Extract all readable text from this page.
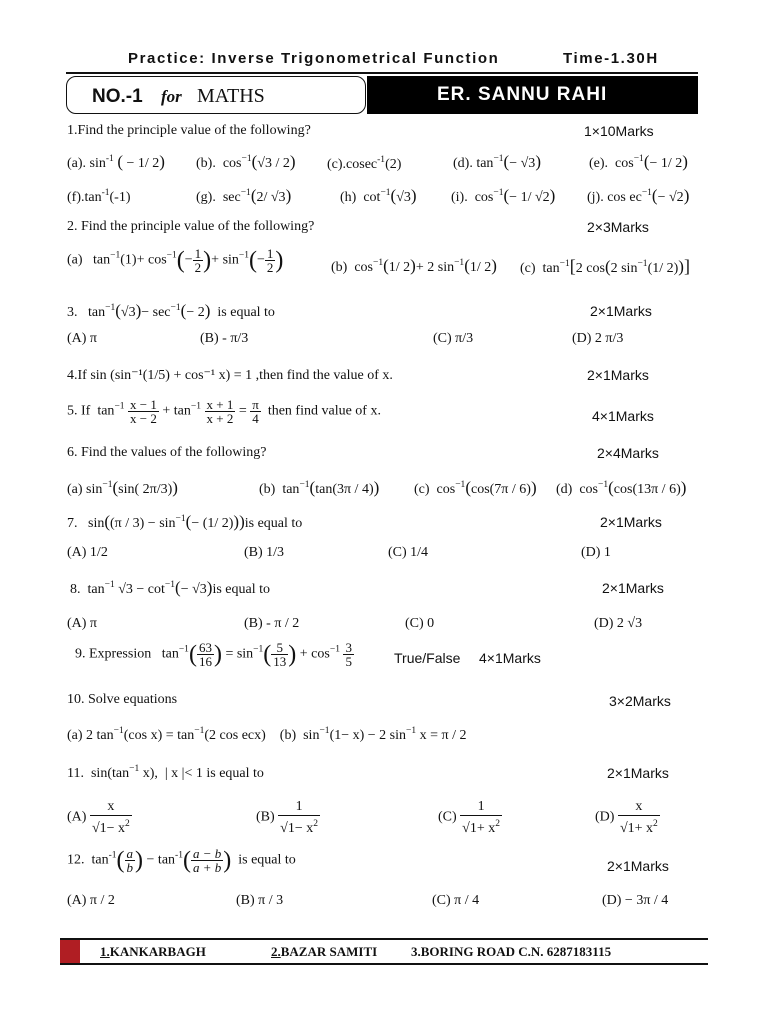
Practice: Inverse Trigonometrical Function	Time-1.30H
NO.-1 for MATHS	ER. SANNU RAHI
1.Find the principle value of the following?	1×10Marks
(a). $\sin^{-1}$ ( − 1/ 2) (b).  $\cos^{-1}(√3 / 2)$ (c).cosec$^{-1}$(2)	(d). $\tan^{-1}(- √3)$	(e).  $\cos^{-1}(- 1/$ 2)
$(f).\tan^{-1}(-1)$	(g).  $\sec^{-1}(2/$ √3)	(h)  $\cot^{-1}(√3)$ (i).  $\cos^{-1}(- 1/$ √2) (j). $\cos ec^{-1}(- √2)$
2. Find the principle value of the following?	2×3Marks
(a)   $\tan^{-1}(1)+ \cos^{-1}(- \frac{1}{2}$ )+ $\sin^{-1}(- \frac{1}{2}$ )	(b)  $\cos^{-1}(1/$ 2)+ 2 $\sin^{-1}(1/$ 2) (c)  $\tan^{-1}[2$ cos(2 $\sin^{-1}(1/$ 2))]
3.   $\tan^{-1}(√3)- \sec^{-1}(- 2)$  is equal to	2×1Marks
(A) π	(B) - π/3	(C) π/3	(D) 2 π/3
4.If sin (sin⁻¹(1/5) + cos⁻¹ x) = 1 ,then find the value of x.	2×1Marks
5. If  $\tan^{-1} \frac{x - 1}{x - 2} + \tan^{-1} \frac{x + 1}{x + 2} = \frac{\pi}{4}$ then find value of x.	4×1Marks
6. Find the values of the following?	2×4Marks
(a) $\sin^{-1}(\sin$( 2π/3))	(b)  $\tan^{-1}(\tan(3\pi / 4))$ (c)  $\cos^{-1}(\cos(7\pi / 6))$ (d)  $\cos^{-1}(\cos(13\pi / 6))$
7.   $\sin((\pi / 3) - \sin^{-1}(- (1/$ 2)))is equal to	2×1Marks
(A) 1/2	(B) 1/3	(C) 1/4	(D) 1
8.  $\tan^{-1} √3 - \cot^{-1}(- √3)is$ equal to	2×1Marks
(A) π	(B) - π / 2	(C) 0	(D) 2 √3
9. Expression   $\tan^{-1}( \frac{63}{16}$ ) = $\sin^{-1}( \frac{5}{13}$ ) + $\cos^{-1} \frac{3}{5}$	True/False 4×1Marks
10. Solve equations	3×2Marks
(a) 2 $\tan^{-1}(\cos$ $x) = \tan^{-1}(2$ cos ecx)    (b)  $\sin^{-1}(1- x) - 2$ $\sin^{-1} x = \pi / 2$
11.  $\sin(\tan^{-1}$ x),  | x |< 1 is equal to	2×1Marks
$(A) \frac{x}{√1- x^2}$	$(B) \frac{1}{√1- x^2}$	$(C) \frac{1}{√1+ x^2}$	$(D) \frac{x}{√1+ x^2}$
12.  $\tan^{-1}( \frac{a}{b}$ ) − $\tan^{-1}( \frac{a - b}{a + b}$ )  is equal to	2×1Marks
(A) π / 2	(B) π / 3	(C) π / 4	(D) − 3π / 4
1.KANKARBAGH	2.BAZAR SAMITI	3.BORING ROAD C.N. 6287183115
